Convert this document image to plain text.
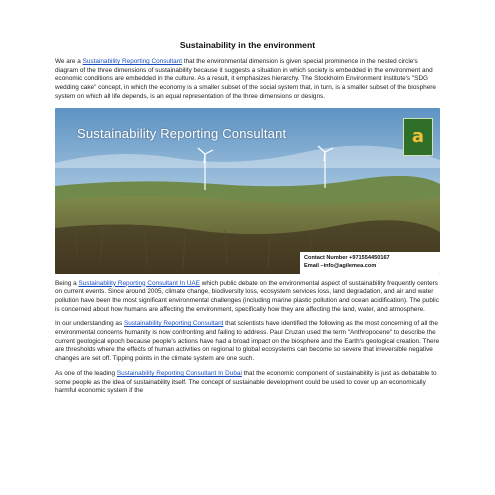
Sustainability in the environment

We are a Sustainability Reporting Consultant that the environmental dimension is given special prominence in the nested circle's diagram of the three dimensions of sustainability because it suggests a situation in which society is embedded in the environment and economic conditions are embedded in the culture. As a result, it emphasizes hierarchy. The Stockholm Environment Institute's "SDG wedding cake" concept, in which the economy is a smaller subset of the social system that, in turn, is a smaller subset of the biosphere system on which all life depends, is an equal representation of the three dimensions or designs.

Sustainability Reporting Consultant	a
Contact Number +971554450167
Email –info@agilemea.com

Being a Sustainability Reporting Consultant In UAE which public debate on the environmental aspect of sustainability frequently centers on current events. Since around 2005, climate change, biodiversity loss, ecosystem services loss, land degradation, and air and water pollution have been the most significant environmental challenges (including marine plastic pollution and ocean acidification). The public is concerned about how humans are affecting the environment, specifically how they are affecting the land, water, and atmosphere.

In our understanding as Sustainability Reporting Consultant that scientists have identified the following as the most concerning of all the environmental concerns humanity is now confronting and failing to address. Paul Cruzan used the term "Anthropocene" to describe the current geological epoch because people's actions have had a broad impact on the biosphere and the Earth's geological creation. There are thresholds where the effects of human activities on regional to global ecosystems can become so severe that irreversible negative changes are set off. Tipping points in the climate system are one such.

As one of the leading Sustainability Reporting Consultant In Dubai that the economic component of sustainability is just as debatable to some people as the idea of sustainability itself. The concept of sustainable development could be used to cover up an economically harmful economic system if the
